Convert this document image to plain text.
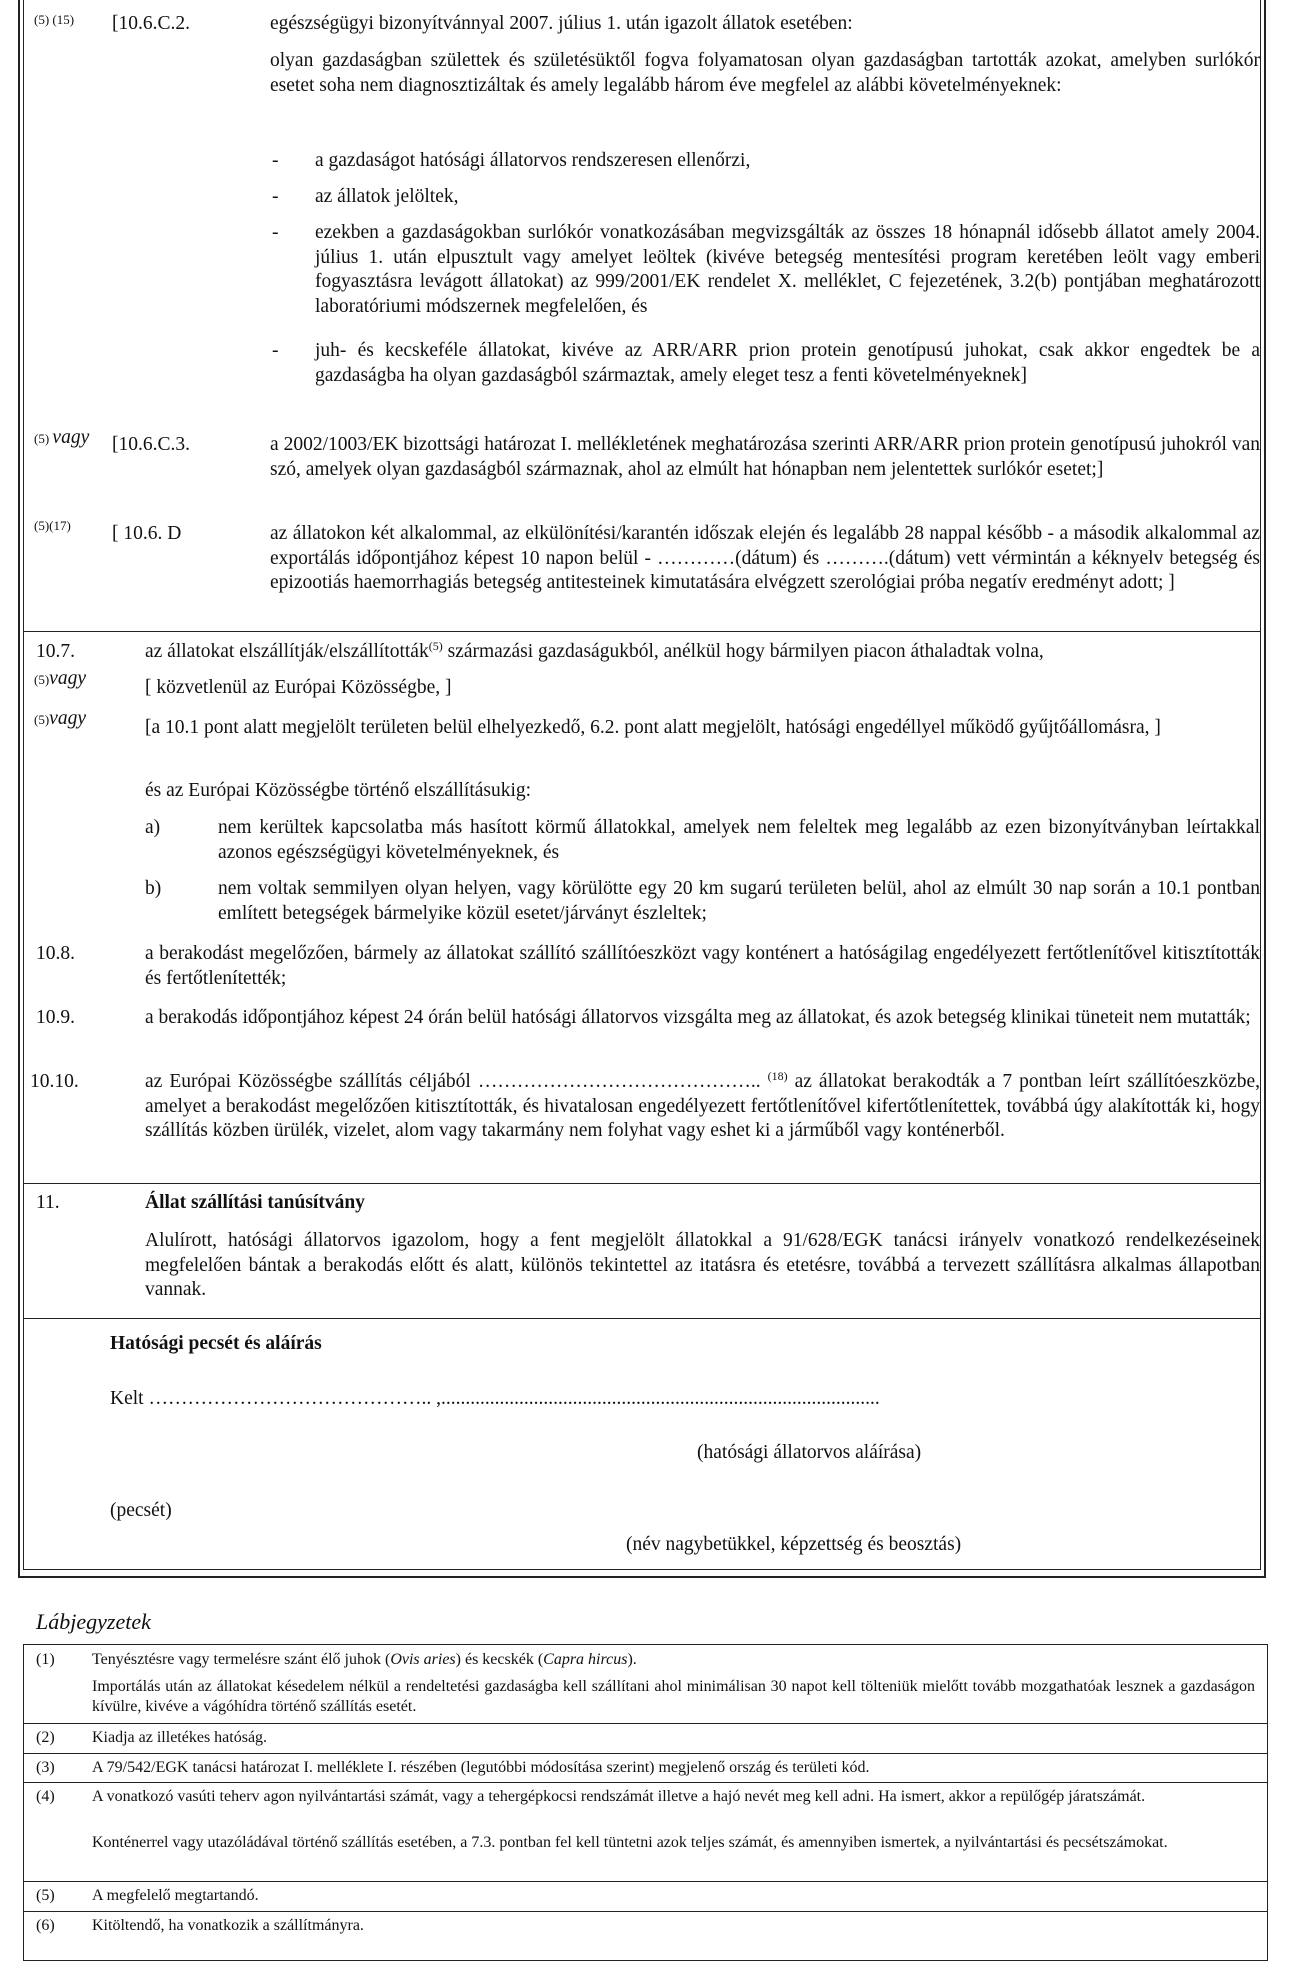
(5) (15) [10.6.C.2.	egészségügyi bizonyítvánnyal 2007. július 1. után igazolt állatok esetében:
olyan gazdaságban születtek és születésüktől fogva folyamatosan olyan gazdaságban tartották azokat, amelyben surlókór esetet soha nem diagnosztizáltak és amely legalább három éve megfelel az alábbi követelményeknek:
- a gazdaságot hatósági állatorvos rendszeresen ellenőrzi,
- az állatok jelöltek,
- ezekben a gazdaságokban surlókór vonatkozásában megvizsgálták az összes 18 hónapnál idősebb állatot amely 2004. július 1. után elpusztult vagy amelyet leöltek (kivéve betegség mentesítési program keretében leölt vagy emberi fogyasztásra levágott állatokat) az 999/2001/EK rendelet X. melléklet, C fejezetének, 3.2(b) pontjában meghatározott laboratóriumi módszernek megfelelően, és
- juh- és kecskeféle állatokat, kivéve az ARR/ARR prion protein genotípusú juhokat, csak akkor engedtek be a gazdaságba ha olyan gazdaságból származtak, amely eleget tesz a fenti követelményeknek]
(5) vagy [10.6.C.3.	a 2002/1003/EK bizottsági határozat I. mellékletének meghatározása szerinti ARR/ARR prion protein genotípusú juhokról van szó, amelyek olyan gazdaságból származnak, ahol az elmúlt hat hónapban nem jelentettek surlókór esetet;]
(5)(17) [ 10.6. D	az állatokon két alkalommal, az elkülönítési/karantén időszak elején és legalább 28 nappal később - a második alkalommal az exportálás időpontjához képest 10 napon belül - …………(dátum) és ……….(dátum) vett vérmintán a kéknyelv betegség és epizootiás haemorrhagiás betegség antitesteinek kimutatására elvégzett szerológiai próba negatív eredményt adott; ]
10.7.	az állatokat elszállítják/elszállították$^{(5)}$ származási gazdaságukból, anélkül hogy bármilyen piacon áthaladtak volna,
(5)vagy	[ közvetlenül az Európai Közösségbe, ]
(5)vagy	[a 10.1 pont alatt megjelölt területen belül elhelyezkedő, 6.2. pont alatt megjelölt, hatósági engedéllyel működő gyűjtőállomásra, ]
és az Európai Közösségbe történő elszállításukig:
a)	nem kerültek kapcsolatba más hasított körmű állatokkal, amelyek nem feleltek meg legalább az ezen bizonyítványban leírtakkal azonos egészségügyi követelményeknek, és
b)	nem voltak semmilyen olyan helyen, vagy körülötte egy 20 km sugarú területen belül, ahol az elmúlt 30 nap során a 10.1 pontban említett betegségek bármelyike közül esetet/járványt észleltek;
10.8.	a berakodást megelőzően, bármely az állatokat szállító szállítóeszközt vagy konténert a hatóságilag engedélyezett fertőtlenítővel kitisztították és fertőtlenítették;
10.9.	a berakodás időpontjához képest 24 órán belül hatósági állatorvos vizsgálta meg az állatokat, és azok betegség klinikai tüneteit nem mutatták;
10.10.	az Európai Közösségbe szállítás céljából …………………………………….. $^{(18)}$ az állatokat berakodták a 7 pontban leírt szállítóeszközbe, amelyet a berakodást megelőzően kitisztították, és hivatalosan engedélyezett fertőtlenítővel kifertőtlenítettek, továbbá úgy alakították ki, hogy szállítás közben ürülék, vizelet, alom vagy takarmány nem folyhat vagy eshet ki a járműből vagy konténerből.
11.	Állat szállítási tanúsítvány
Alulírott, hatósági állatorvos igazolom, hogy a fent megjelölt állatokkal a 91/628/EGK tanácsi irányelv vonatkozó rendelkezéseinek megfelelően bántak a berakodás előtt és alatt, különös tekintettel az itatásra és etetésre, továbbá a tervezett szállításra alkalmas állapotban vannak.
Hatósági pecsét és aláírás
Kelt …………………………………….. ,..........................................................................................
(hatósági állatorvos aláírása)
(pecsét)
(név nagybetükkel, képzettség és beosztás)
Lábjegyzetek
(1) Tenyésztésre vagy termelésre szánt élő juhok (Ovis aries) és kecskék (Capra hircus).
Importálás után az állatokat késedelem nélkül a rendeltetési gazdaságba kell szállítani ahol minimálisan 30 napot kell tölteniük mielőtt tovább mozgathatóak lesznek a gazdaságon kívülre, kivéve a vágóhídra történő szállítás esetét.
(2) Kiadja az illetékes hatóság.
(3) A 79/542/EGK tanácsi határozat I. melléklete I. részében (legutóbbi módosítása szerint) megjelenő ország és területi kód.
(4) A vonatkozó vasúti teherv agon nyilvántartási számát, vagy a tehergépkocsi rendszámát illetve a hajó nevét meg kell adni. Ha ismert, akkor a repülőgép járatszámát.
Konténerrel vagy utazóládával történő szállítás esetében, a 7.3. pontban fel kell tüntetni azok teljes számát, és amennyiben ismertek, a nyilvántartási és pecsétszámokat.
(5) A megfelelő megtartandó.
(6) Kitöltendő, ha vonatkozik a szállítmányra.
